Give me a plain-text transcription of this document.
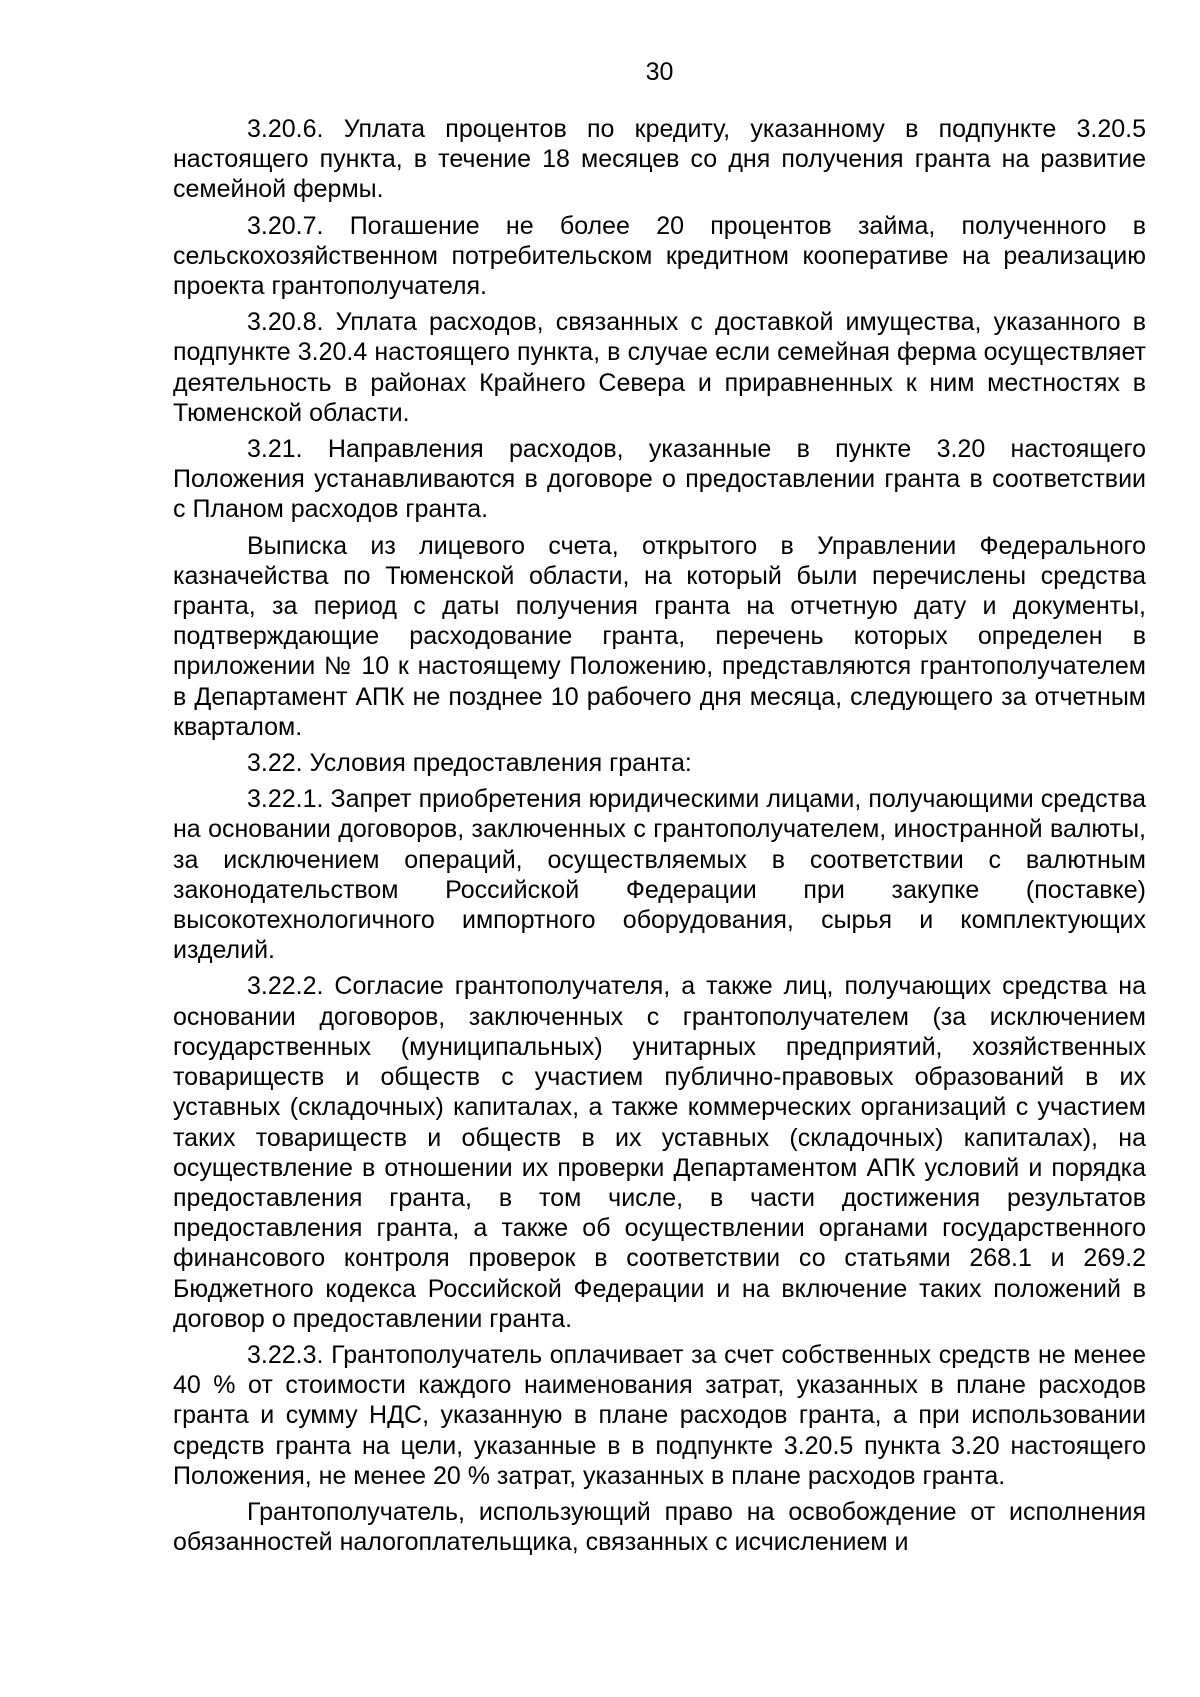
30

3.20.6. Уплата процентов по кредиту, указанному в подпункте 3.20.5 настоящего пункта, в течение 18 месяцев со дня получения гранта на развитие семейной фермы.

3.20.7. Погашение не более 20 процентов займа, полученного в сельскохозяйственном потребительском кредитном кооперативе на реализацию проекта грантополучателя.

3.20.8. Уплата расходов, связанных с доставкой имущества, указанного в подпункте 3.20.4 настоящего пункта, в случае если семейная ферма осуществляет деятельность в районах Крайнего Севера и приравненных к ним местностях в Тюменской области.

3.21. Направления расходов, указанные в пункте 3.20 настоящего Положения устанавливаются в договоре о предоставлении гранта в соответствии с Планом расходов гранта.

Выписка из лицевого счета, открытого в Управлении Федерального казначейства по Тюменской области, на который были перечислены средства гранта, за период с даты получения гранта на отчетную дату и документы, подтверждающие расходование гранта, перечень которых определен в приложении № 10 к настоящему Положению, представляются грантополучателем в Департамент АПК не позднее 10 рабочего дня месяца, следующего за отчетным кварталом.

3.22. Условия предоставления гранта:

3.22.1. Запрет приобретения юридическими лицами, получающими средства на основании договоров, заключенных с грантополучателем, иностранной валюты, за исключением операций, осуществляемых в соответствии с валютным законодательством Российской Федерации при закупке (поставке) высокотехнологичного импортного оборудования, сырья и комплектующих изделий.

3.22.2. Согласие грантополучателя, а также лиц, получающих средства на основании договоров, заключенных с грантополучателем (за исключением государственных (муниципальных) унитарных предприятий, хозяйственных товариществ и обществ с участием публично-правовых образований в их уставных (складочных) капиталах, а также коммерческих организаций с участием таких товариществ и обществ в их уставных (складочных) капиталах), на осуществление в отношении их проверки Департаментом АПК условий и порядка предоставления гранта, в том числе, в части достижения результатов предоставления гранта, а также об осуществлении органами государственного финансового контроля проверок в соответствии со статьями 268.1 и 269.2 Бюджетного кодекса Российской Федерации и на включение таких положений в договор о предоставлении гранта.

3.22.3. Грантополучатель оплачивает за счет собственных средств не менее 40 % от стоимости каждого наименования затрат, указанных в плане расходов гранта и сумму НДС, указанную в плане расходов гранта, а при использовании средств гранта на цели, указанные в в подпункте 3.20.5 пункта 3.20 настоящего Положения, не менее 20 % затрат, указанных в плане расходов гранта.

Грантополучатель, использующий право на освобождение от исполнения обязанностей налогоплательщика, связанных с исчислением и
